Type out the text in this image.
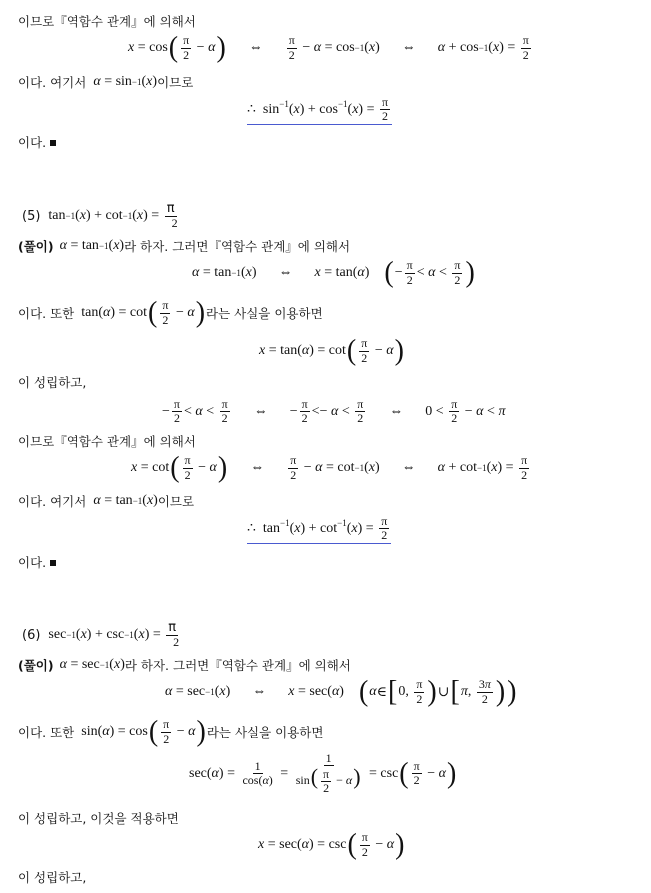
이므로『역함수 관계』에 의해서
x = cos ( $\frac{\pi}{2} - \alpha$ ) ⇔ $\frac{\pi}{2} - \alpha = \cos -1$ ( x )
⇔ α + cos −1 ( x ) = $\frac{\pi}{2}$
이다. 여기서
α = sin −1 ( x ) 이므로
∴  $\sin^{-1}(x) + \cos^{-1}(x) = \frac{\pi}{2}$
이다.
(5) tan −1 ( x ) + cot −1 ( x ) = $\frac{\pi}{2}$
(풀이) α = tan −1 ( x ) 라 하자. 그러면『역함수 관계』에 의해서
α = tan −1 ( x )
⇔ x = tan( α ) ( − $\frac{\pi}{2} < \alpha < \frac{\pi}{2}$ )
이다. 또한 tan( α ) = cot ( $\frac{\pi}{2} - \alpha$ ) 라는 사실을 이용하면
x = tan( α ) = cot ( $\frac{\pi}{2} - \alpha$ )
이 성립하고,
− $\frac{\pi}{2} < \alpha < \frac{\pi}{2}$ ⇔
− $\frac{\pi}{2} <- \alpha < \frac{\pi}{2}$ ⇔
$0 < \frac{\pi}{2} - \alpha < \pi$
이므로『역함수 관계』에 의해서
x = cot ( $\frac{\pi}{2} - \alpha$ ) ⇔ $\frac{\pi}{2} - \alpha = \cot -1$ ( x )
⇔ α + cot −1 ( x ) = $\frac{\pi}{2}$
이다. 여기서
α = tan −1 ( x ) 이므로
∴  $\tan^{-1}(x) + \cot^{-1}(x) = \frac{\pi}{2}$
이다.
(6) sec −1 ( x ) + csc −1 ( x ) = $\frac{\pi}{2}$
(풀이) α = sec −1 ( x ) 라 하자. 그러면『역함수 관계』에 의해서
α = sec −1 ( x )
⇔ x = sec( α ) ( α ∈ [ 0, $\frac{\pi}{2}$ ) ∪ [ π , $\frac{3\pi}{2}$ ) )
이다. 또한 sin( α ) = cos ( $\frac{\pi}{2} - \alpha$ ) 라는 사실을 이용하면
sec( α ) = $\frac{1}{\cos(\alpha)} = \frac{1}{\sin( \frac{\pi}{2} - \alpha)} = \csc$ ( $\frac{\pi}{2} - \alpha$ )
이 성립하고, 이것을 적용하면
x = sec( α ) = csc ( $\frac{\pi}{2} - \alpha$ )
이 성립하고,
